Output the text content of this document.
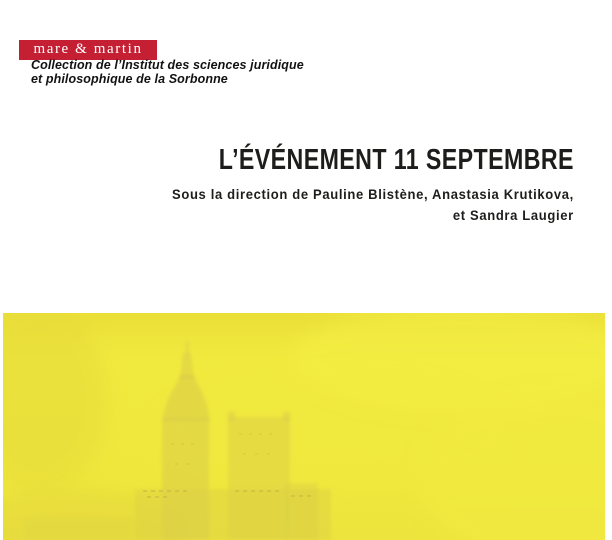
mare & martin

Collection de l’Institut des sciences juridique
et philosophique de la Sorbonne

L’ÉVÉNEMENT 11 SEPTEMBRE

Sous la direction de Pauline Blistène, Anastasia Krutikova,
et Sandra Laugier
